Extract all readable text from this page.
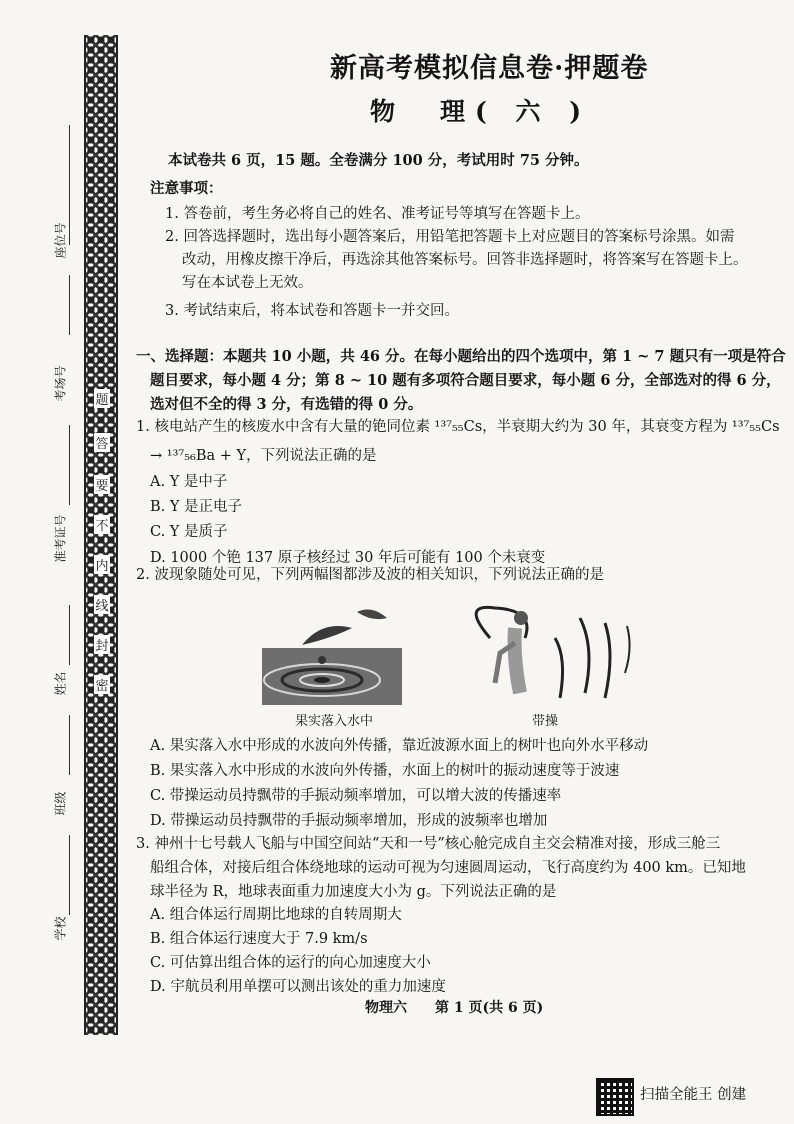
座位号
考场号
准考证号
姓名
班级
学校
题
答
要
不
内
线
封
密
新高考模拟信息卷·押题卷
物　理( 六 )
本试卷共 6 页，15 题。全卷满分 100 分，考试用时 75 分钟。
注意事项：
1. 答卷前，考生务必将自己的姓名、准考证号等填写在答题卡上。
2. 回答选择题时，选出每小题答案后，用铅笔把答题卡上对应题目的答案标号涂黑。如需
改动，用橡皮擦干净后，再选涂其他答案标号。回答非选择题时，将答案写在答题卡上。
写在本试卷上无效。
3. 考试结束后，将本试卷和答题卡一并交回。
一、选择题：本题共 10 小题，共 46 分。在每小题给出的四个选项中，第 1 ~ 7 题只有一项是符合
题目要求，每小题 4 分；第 8 ~ 10 题有多项符合题目要求，每小题 6 分，全部选对的得 6 分，
选对但不全的得 3 分，有选错的得 0 分。
1. 核电站产生的核废水中含有大量的铯同位素 ¹³⁷₅₅Cs，半衰期大约为 30 年，其衰变方程为 ¹³⁷₅₅Cs
→ ¹³⁷₅₆Ba + Y，下列说法正确的是
A. Y 是中子
B. Y 是正电子
C. Y 是质子
D. 1000 个铯 137 原子核经过 30 年后可能有 100 个未衰变
2. 波现象随处可见，下列两幅图都涉及波的相关知识，下列说法正确的是
果实落入水中	带操
A. 果实落入水中形成的水波向外传播，靠近波源水面上的树叶也向外水平移动
B. 果实落入水中形成的水波向外传播，水面上的树叶的振动速度等于波速
C. 带操运动员持飘带的手振动频率增加，可以增大波的传播速率
D. 带操运动员持飘带的手振动频率增加，形成的波频率也增加
3. 神州十七号载人飞船与中国空间站“天和一号”核心舱完成自主交会精准对接，形成三舱三
船组合体，对接后组合体绕地球的运动可视为匀速圆周运动，飞行高度约为 400 km。已知地
球半径为 R，地球表面重力加速度大小为 g。下列说法正确的是
A. 组合体运行周期比地球的自转周期大
B. 组合体运行速度大于 7.9 km/s
C. 可估算出组合体的运行的向心加速度大小
D. 宇航员利用单摆可以测出该处的重力加速度
物理六　　第 1 页(共 6 页)
扫描全能王 创建
